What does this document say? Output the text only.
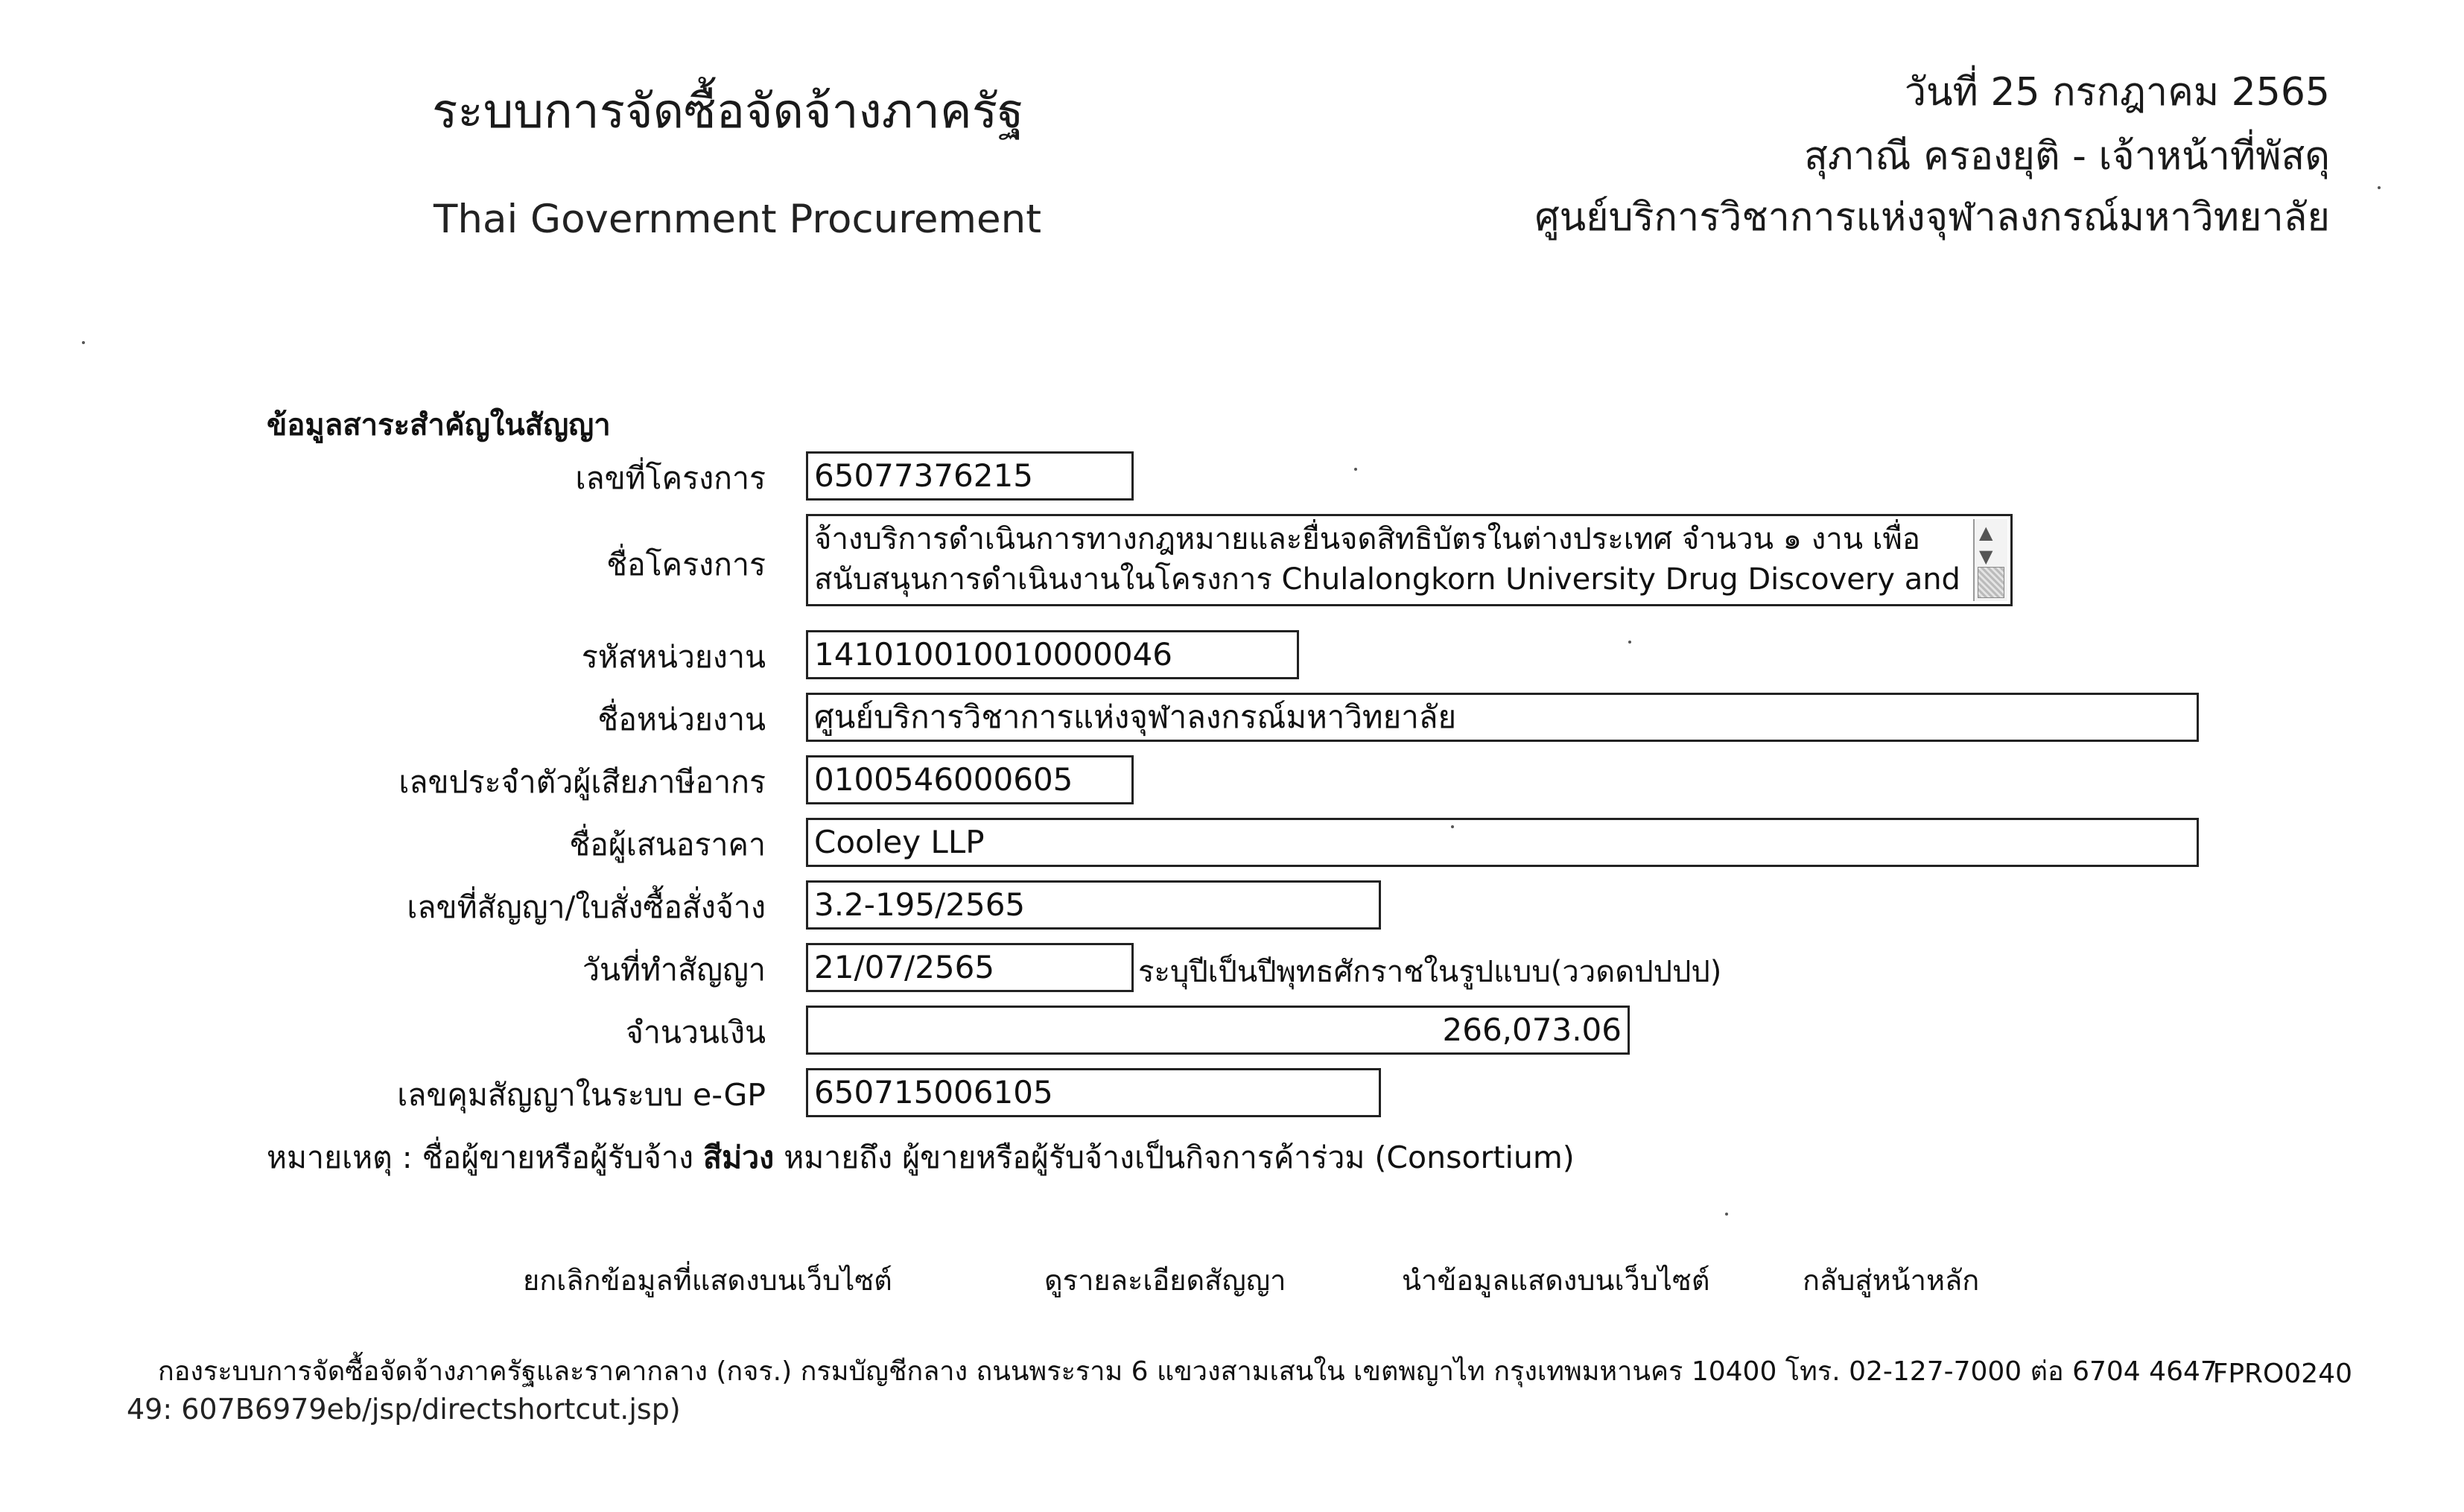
ระบบการจัดซื้อจัดจ้างภาครัฐ
Thai Government Procurement
วันที่ 25 กรกฎาคม 2565
สุภาณี ครองยุติ - เจ้าหน้าที่พัสดุ
ศูนย์บริการวิชาการแห่งจุฬาลงกรณ์มหาวิทยาลัย
ข้อมูลสาระสำคัญในสัญญา
เลขที่โครงการ 65077376215
ชื่อโครงการ
จ้างบริการดำเนินการทางกฎหมายและยื่นจดสิทธิบัตรในต่างประเทศ จำนวน ๑ งาน เพื่อ สนับสนุนการดำเนินงานในโครงการ Chulalongkorn University Drug Discovery and
▲
▼
รหัสหน่วยงาน 141010010010000046
ชื่อหน่วยงาน ศูนย์บริการวิชาการแห่งจุฬาลงกรณ์มหาวิทยาลัย
เลขประจำตัวผู้เสียภาษีอากร 0100546000605
ชื่อผู้เสนอราคา Cooley LLP
เลขที่สัญญา/ใบสั่งซื้อสั่งจ้าง 3.2-195/2565
วันที่ทำสัญญา 21/07/2565	ระบุปีเป็นปีพุทธศักราชในรูปแบบ(ววดดปปปป)
จำนวนเงิน	266,073.06
เลขคุมสัญญาในระบบ e-GP 650715006105
หมายเหตุ : ชื่อผู้ขายหรือผู้รับจ้าง สีม่วง หมายถึง ผู้ขายหรือผู้รับจ้างเป็นกิจการค้าร่วม (Consortium)
ยกเลิกข้อมูลที่แสดงบนเว็บไซต์	ดูรายละเอียดสัญญา	นำข้อมูลแสดงบนเว็บไซต์	กลับสู่หน้าหลัก
กองระบบการจัดซื้อจัดจ้างภาครัฐและราคากลาง (กจร.) กรมบัญชีกลาง ถนนพระราม 6 แขวงสามเสนใน เขตพญาไท กรุงเทพมหานคร 10400 โทร. 02-127-7000 ต่อ 6704 4647
49: 607B6979eb/jsp/directshortcut.jsp)
FPRO0240
